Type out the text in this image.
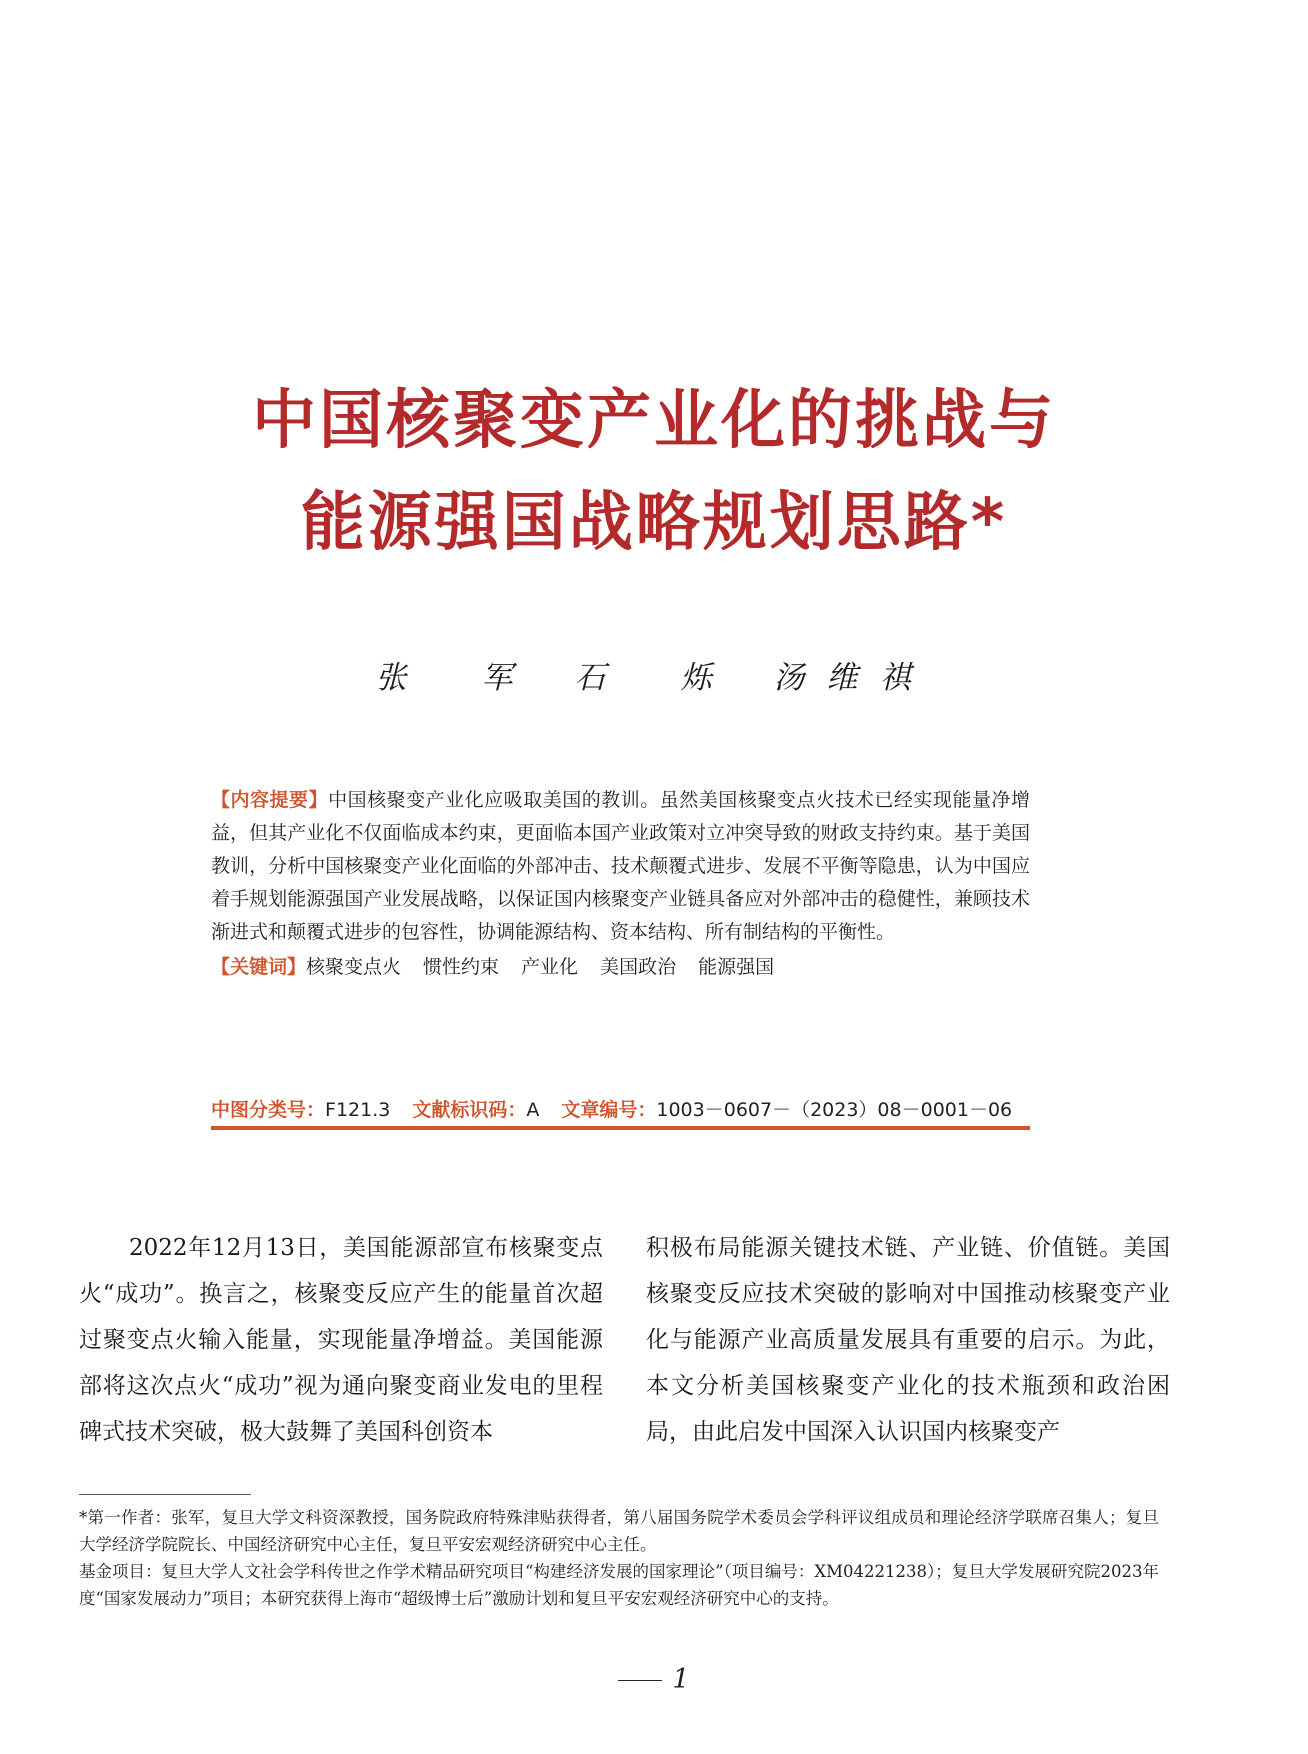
中国核聚变产业化的挑战与
能源强国战略规划思路*
张　军 石　烁 汤维祺
【内容提要】中国核聚变产业化应吸取美国的教训。虽然美国核聚变点火技术已经实现能量净增益，但其产业化不仅面临成本约束，更面临本国产业政策对立冲突导致的财政支持约束。基于美国教训，分析中国核聚变产业化面临的外部冲击、技术颠覆式进步、发展不平衡等隐患，认为中国应着手规划能源强国产业发展战略，以保证国内核聚变产业链具备应对外部冲击的稳健性，兼顾技术渐进式和颠覆式进步的包容性，协调能源结构、资本结构、所有制结构的平衡性。
【关键词】核聚变点火 惯性约束 产业化 美国政治 能源强国
中图分类号：F121.3 文献标识码：A 文章编号：1003－0607－（2023）08－0001－06
2022年12月13日，美国能源部宣布核聚变点火“成功”。换言之，核聚变反应产生的能量首次超过聚变点火输入能量，实现能量净增益。美国能源部将这次点火“成功”视为通向聚变商业发电的里程碑式技术突破，极大鼓舞了美国科创资本
积极布局能源关键技术链、产业链、价值链。美国核聚变反应技术突破的影响对中国推动核聚变产业化与能源产业高质量发展具有重要的启示。为此，本文分析美国核聚变产业化的技术瓶颈和政治困局，由此启发中国深入认识国内核聚变产

*第一作者：张军，复旦大学文科资深教授，国务院政府特殊津贴获得者，第八届国务院学术委员会学科评议组成员和理论经济学联席召集人；复旦大学经济学院院长、中国经济研究中心主任，复旦平安宏观经济研究中心主任。

基金项目：复旦大学人文社会学科传世之作学术精品研究项目“构建经济发展的国家理论”（项目编号：XM04221238）；复旦大学发展研究院2023年度“国家发展动力”项目；本研究获得上海市“超级博士后”激励计划和复旦平安宏观经济研究中心的支持。

1
